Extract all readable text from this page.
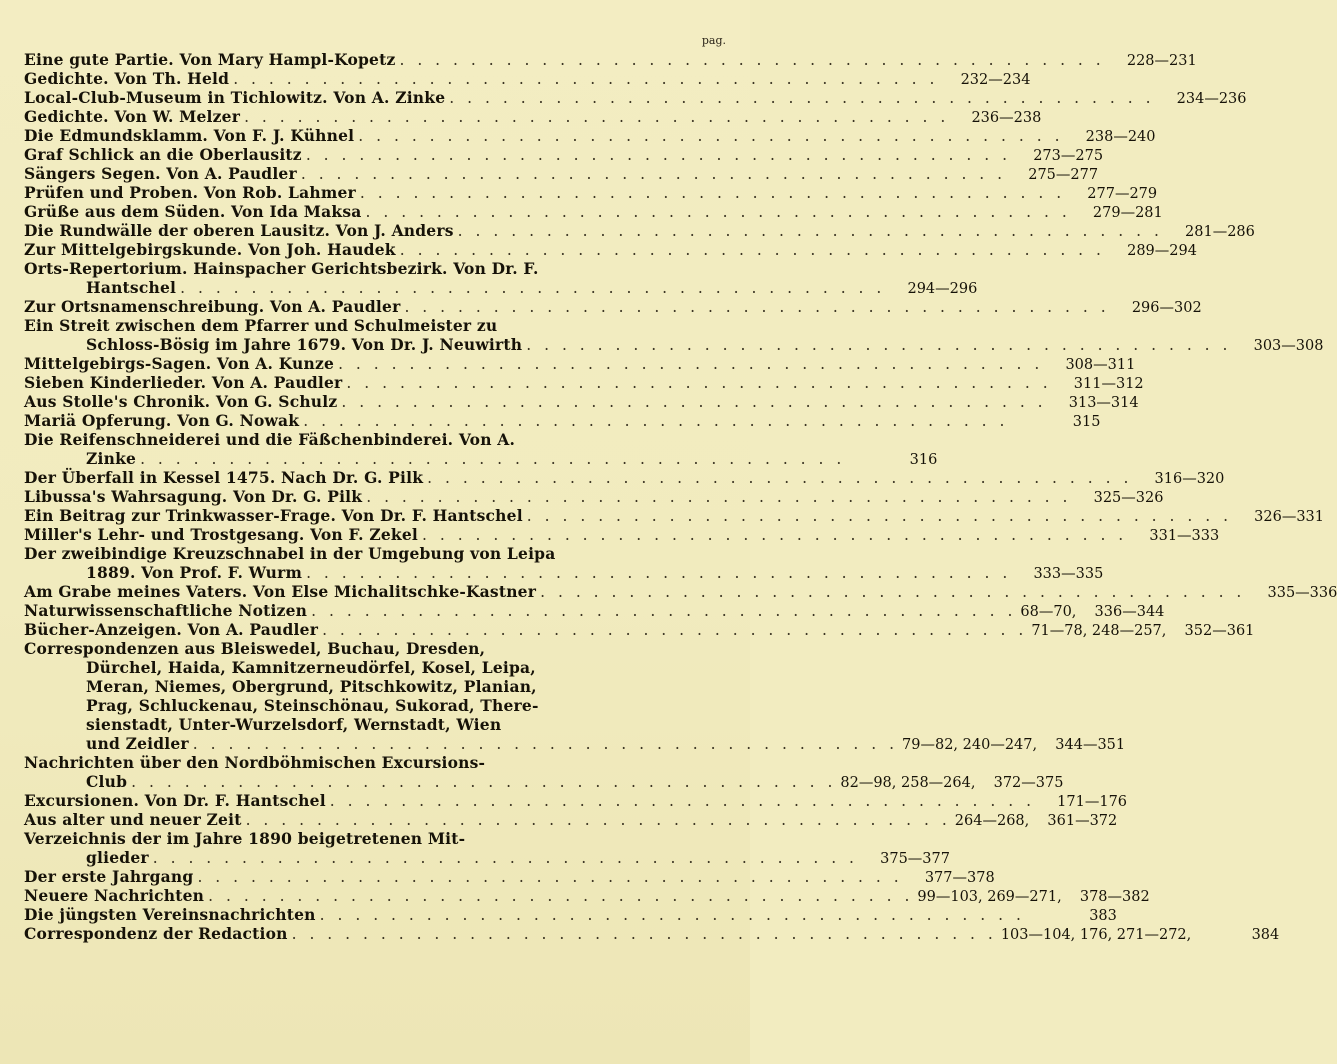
pag.
Eine gute Partie. Von Mary Hampl-Kopetz . . . . . . . . . . . . . . . . . . . . . . . . . . . . . . . . . . . . . . . .	228—231
Gedichte. Von Th. Held . . . . . . . . . . . . . . . . . . . . . . . . . . . . . . . . . . . . . . . .	232—234
Local-Club-Museum in Tichlowitz. Von A. Zinke . . . . . . . . . . . . . . . . . . . . . . . . . . . . . . . . . . . . . . . .	234—236
Gedichte. Von W. Melzer . . . . . . . . . . . . . . . . . . . . . . . . . . . . . . . . . . . . . . . .	236—238
Die Edmundsklamm. Von F. J. Kühnel . . . . . . . . . . . . . . . . . . . . . . . . . . . . . . . . . . . . . . . .	238—240
Graf Schlick an die Oberlausitz . . . . . . . . . . . . . . . . . . . . . . . . . . . . . . . . . . . . . . . .	273—275
Sängers Segen. Von A. Paudler . . . . . . . . . . . . . . . . . . . . . . . . . . . . . . . . . . . . . . . .	275—277
Prüfen und Proben. Von Rob. Lahmer . . . . . . . . . . . . . . . . . . . . . . . . . . . . . . . . . . . . . . . .	277—279
Grüße aus dem Süden. Von Ida Maksa . . . . . . . . . . . . . . . . . . . . . . . . . . . . . . . . . . . . . . . .	279—281
Die Rundwälle der oberen Lausitz. Von J. Anders . . . . . . . . . . . . . . . . . . . . . . . . . . . . . . . . . . . . . . . .	281—286
Zur Mittelgebirgskunde. Von Joh. Haudek . . . . . . . . . . . . . . . . . . . . . . . . . . . . . . . . . . . . . . . .	289—294
Orts-Repertorium. Hainspacher Gerichtsbezirk. Von Dr. F.
Hantschel . . . . . . . . . . . . . . . . . . . . . . . . . . . . . . . . . . . . . . . .	294—296
Zur Ortsnamenschreibung. Von A. Paudler . . . . . . . . . . . . . . . . . . . . . . . . . . . . . . . . . . . . . . . .	296—302
Ein Streit zwischen dem Pfarrer und Schulmeister zu
Schloss-Bösig im Jahre 1679. Von Dr. J. Neuwirth . . . . . . . . . . . . . . . . . . . . . . . . . . . . . . . . . . . . . . . .	303—308
Mittelgebirgs-Sagen. Von A. Kunze . . . . . . . . . . . . . . . . . . . . . . . . . . . . . . . . . . . . . . . .	308—311
Sieben Kinderlieder. Von A. Paudler . . . . . . . . . . . . . . . . . . . . . . . . . . . . . . . . . . . . . . . .	311—312
Aus Stolle's Chronik. Von G. Schulz . . . . . . . . . . . . . . . . . . . . . . . . . . . . . . . . . . . . . . . .	313—314
Mariä Opferung. Von G. Nowak . . . . . . . . . . . . . . . . . . . . . . . . . . . . . . . . . . . . . . . .	315
Die Reifenschneiderei und die Fäßchenbinderei. Von A.
Zinke . . . . . . . . . . . . . . . . . . . . . . . . . . . . . . . . . . . . . . . .	316
Der Überfall in Kessel 1475. Nach Dr. G. Pilk . . . . . . . . . . . . . . . . . . . . . . . . . . . . . . . . . . . . . . . .	316—320
Libussa's Wahrsagung. Von Dr. G. Pilk . . . . . . . . . . . . . . . . . . . . . . . . . . . . . . . . . . . . . . . .	325—326
Ein Beitrag zur Trinkwasser-Frage. Von Dr. F. Hantschel . . . . . . . . . . . . . . . . . . . . . . . . . . . . . . . . . . . . . . . .	326—331
Miller's Lehr- und Trostgesang. Von F. Zekel . . . . . . . . . . . . . . . . . . . . . . . . . . . . . . . . . . . . . . . .	331—333
Der zweibindige Kreuzschnabel in der Umgebung von Leipa
1889. Von Prof. F. Wurm . . . . . . . . . . . . . . . . . . . . . . . . . . . . . . . . . . . . . . . .	333—335
Am Grabe meines Vaters. Von Else Michalitschke-Kastner . . . . . . . . . . . . . . . . . . . . . . . . . . . . . . . . . . . . . . . .	335—336
Naturwissenschaftliche Notizen . . . . . . . . . . . . . . . . . . . . . . . . . . . . . . . . . . . . . . . . 68—70,	336—344
Bücher-Anzeigen. Von A. Paudler . . . . . . . . . . . . . . . . . . . . . . . . . . . . . . . . . . . . . . . . 71—78, 248—257,	352—361
Correspondenzen aus Bleiswedel, Buchau, Dresden,
Dürchel, Haida, Kamnitzerneudörfel, Kosel, Leipa,
Meran, Niemes, Obergrund, Pitschkowitz, Planian,
Prag, Schluckenau, Steinschönau, Sukorad, There-
sienstadt, Unter-Wurzelsdorf, Wernstadt, Wien
und Zeidler . . . . . . . . . . . . . . . . . . . . . . . . . . . . . . . . . . . . . . . . 79—82, 240—247,	344—351
Nachrichten über den Nordböhmischen Excursions-
Club . . . . . . . . . . . . . . . . . . . . . . . . . . . . . . . . . . . . . . . . 82—98, 258—264,	372—375
Excursionen. Von Dr. F. Hantschel . . . . . . . . . . . . . . . . . . . . . . . . . . . . . . . . . . . . . . . .	171—176
Aus alter und neuer Zeit . . . . . . . . . . . . . . . . . . . . . . . . . . . . . . . . . . . . . . . . 264—268,	361—372
Verzeichnis der im Jahre 1890 beigetretenen Mit-
glieder . . . . . . . . . . . . . . . . . . . . . . . . . . . . . . . . . . . . . . . .	375—377
Der erste Jahrgang . . . . . . . . . . . . . . . . . . . . . . . . . . . . . . . . . . . . . . . .	377—378
Neuere Nachrichten . . . . . . . . . . . . . . . . . . . . . . . . . . . . . . . . . . . . . . . . 99—103, 269—271,	378—382
Die jüngsten Vereinsnachrichten . . . . . . . . . . . . . . . . . . . . . . . . . . . . . . . . . . . . . . . .	383
Correspondenz der Redaction . . . . . . . . . . . . . . . . . . . . . . . . . . . . . . . . . . . . . . . . 103—104, 176, 271—272,	384
